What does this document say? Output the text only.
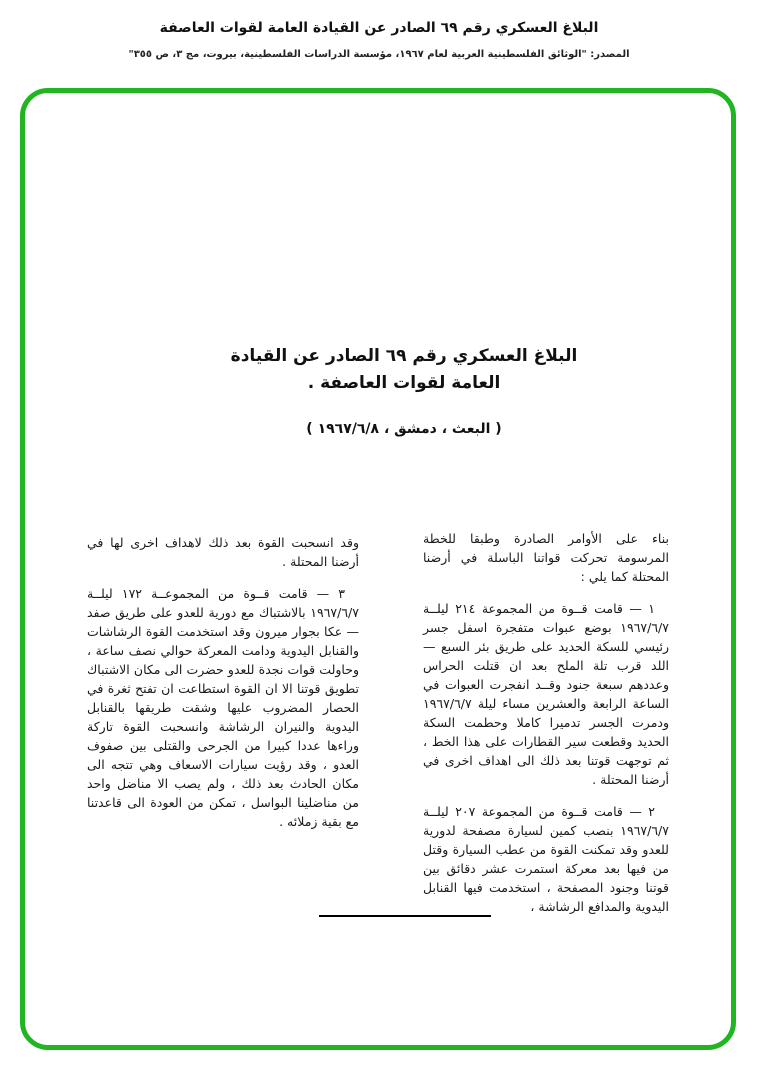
البلاغ العسكري رقم ٦٩ الصادر عن القيادة العامة لقوات العاصفة
المصدر: "الوثائق الفلسطينية العربية لعام ١٩٦٧، مؤسسة الدراسات الفلسطينية، بيروت، مج ٣، ص ٣٥٥"
البلاغ العسكري رقم ٦٩ الصادر عن القيادة
العامة لقوات العاصفة .
( البعث ، دمشق ، ١٩٦٧/٦/٨ )

بناء على الأوامر الصادرة وطبقا للخطة المرسومة تحركت قواتنا الباسلة في أرضنا المحتلة كما يلي :

١ — قامت قــوة من المجموعة ٢١٤ ليلــة ١٩٦٧/٦/٧ بوضع عبوات متفجرة اسفل جسر رئيسي للسكة الحديد على طريق بئر السبع — اللد قرب تلة الملح بعد ان قتلت الحراس وعددهم سبعة جنود وقــد انفجرت العبوات في الساعة الرابعة والعشرين مساء ليلة ١٩٦٧/٦/٧ ودمرت الجسر تدميرا كاملا وحطمت السكة الحديد وقطعت سير القطارات على هذا الخط ، ثم توجهت قوتنا بعد ذلك الى اهداف اخرى في أرضنا المحتلة .

٢ — قامت قــوة من المجموعة ٢٠٧ ليلــة ١٩٦٧/٦/٧ بنصب كمين لسيارة مصفحة لدورية للعدو وقد تمكنت القوة من عطب السيارة وقتل من فيها بعد معركة استمرت عشر دقائق بين قوتنا وجنود المصفحة ، استخدمت فيها القنابل اليدوية والمدافع الرشاشة ،

وقد انسحبت القوة بعد ذلك لاهداف اخرى لها في أرضنا المحتلة .

٣ — قامت قــوة من المجموعــة ١٧٢ ليلــة ١٩٦٧/٦/٧ بالاشتباك مع دورية للعدو على طريق صفد — عكا بجوار ميرون وقد استخدمت القوة الرشاشات والقنابل اليدوية ودامت المعركة حوالي نصف ساعة ، وحاولت قوات نجدة للعدو حضرت الى مكان الاشتباك تطويق قوتنا الا ان القوة استطاعت ان تفتح ثغرة في الحصار المضروب عليها وشقت طريقها بالقنابل اليدوية والنيران الرشاشة وانسحبت القوة تاركة وراءها عددا كبيرا من الجرحى والقتلى بين صفوف العدو ، وقد رؤيت سيارات الاسعاف وهي تتجه الى مكان الحادث بعد ذلك ، ولم يصب الا مناضل واحد من مناضلينا البواسل ، تمكن من العودة الى قاعدتنا مع بقية زملائه .
